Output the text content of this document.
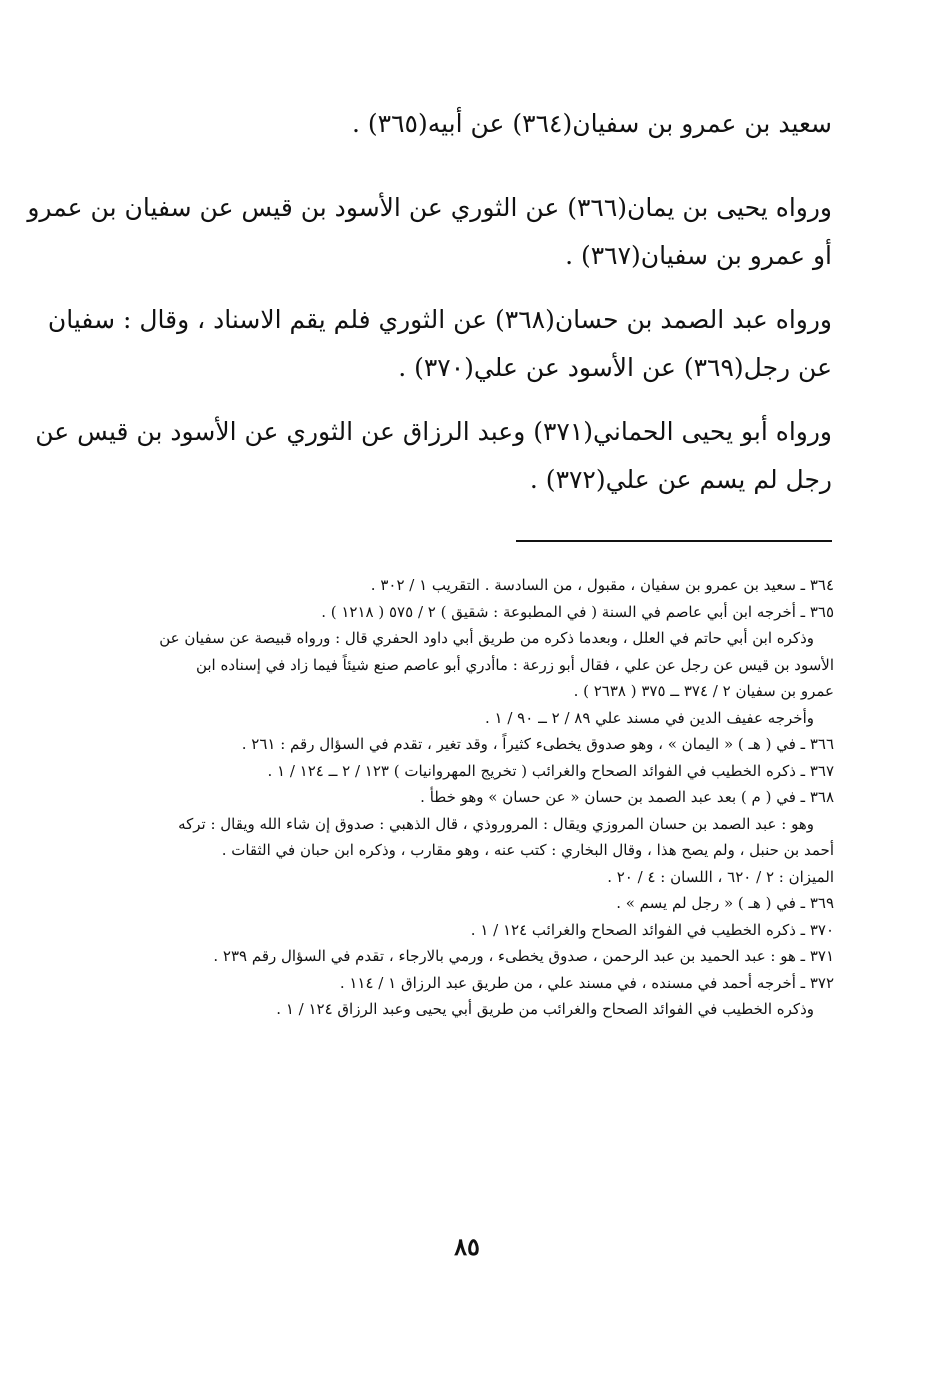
سعيد بن عمرو بن سفيان(٣٦٤) عن أبيه(٣٦٥) .

ورواه يحيى بن يمان(٣٦٦) عن الثوري عن الأسود بن قيس عن سفيان بن عمرو

أو عمرو بن سفيان(٣٦٧) .

ورواه عبد الصمد بن حسان(٣٦٨) عن الثوري فلم يقم الاسناد ، وقال : سفيان

عن رجل(٣٦٩) عن الأسود عن علي(٣٧٠) .

ورواه أبو يحيى الحماني(٣٧١) وعبد الرزاق عن الثوري عن الأسود بن قيس عن

رجل لم يسم عن علي(٣٧٢) .

٣٦٤ ـ سعيد بن عمرو بن سفيان ، مقبول ، من السادسة . التقريب ١ / ٣٠٢ .
٣٦٥ ـ أخرجه ابن أبي عاصم في السنة ( في المطبوعة : شقيق ) ٢ / ٥٧٥ ( ١٢١٨ ) .
وذكره ابن أبي حاتم في العلل ، وبعدما ذكره من طريق أبي داود الحفري قال : ورواه قبيصة عن سفيان عن
الأسود بن قيس عن رجل عن علي ، فقال أبو زرعة : ماأدري أبو عاصم صنع شيئاً فيما زاد في إسناده ابن
عمرو بن سفيان ٢ / ٣٧٤ ــ ٣٧٥ ( ٢٦٣٨ ) .
وأخرجه عفيف الدين في مسند علي ٨٩ / ٢ ــ ٩٠ / ١ .
٣٦٦ ـ في ( هـ ) « اليمان » ، وهو صدوق يخطىء كثيراً ، وقد تغير ، تقدم في السؤال رقم : ٢٦١ .
٣٦٧ ـ ذكره الخطيب في الفوائد الصحاح والغرائب ( تخريج المهروانيات ) ١٢٣ / ٢ ــ ١٢٤ / ١ .
٣٦٨ ـ في ( م ) بعد عبد الصمد بن حسان « عن حسان » وهو خطأ .
وهو : عبد الصمد بن حسان المروزي ويقال : المروروذي ، قال الذهبي : صدوق إن شاء الله ويقال : تركه
أحمد بن حنبل ، ولم يصح هذا ، وقال البخاري : كتب عنه ، وهو مقارب ، وذكره ابن حبان في الثقات .
الميزان : ٢ / ٦٢٠ ، اللسان : ٤ / ٢٠ .
٣٦٩ ـ في ( هـ ) « رجل لم يسم » .
٣٧٠ ـ ذكره الخطيب في الفوائد الصحاح والغرائب ١٢٤ / ١ .
٣٧١ ـ هو : عبد الحميد بن عبد الرحمن ، صدوق يخطىء ، ورمي بالارجاء ، تقدم في السؤال رقم ٢٣٩ .
٣٧٢ ـ أخرجه أحمد في مسنده ، في مسند علي ، من طريق عبد الرزاق ١ / ١١٤ .
وذكره الخطيب في الفوائد الصحاح والغرائب من طريق أبي يحيى وعبد الرزاق ١٢٤ / ١ .
٨٥
